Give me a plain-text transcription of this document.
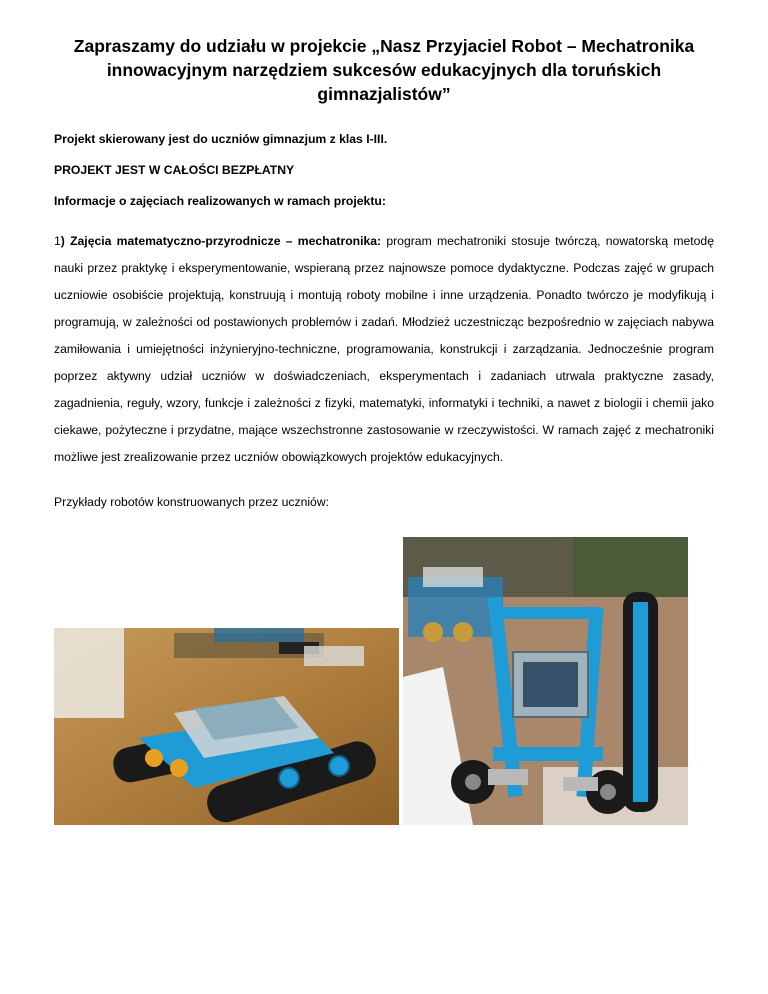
Zapraszamy do udziału w projekcie „Nasz Przyjaciel Robot – Mechatronika
innowacyjnym narzędziem sukcesów edukacyjnych dla toruńskich gimnazjalistów”
Projekt skierowany jest do uczniów gimnazjum z klas I-III.
PROJEKT JEST W CAŁOŚCI BEZPŁATNY
Informacje o zajęciach realizowanych w ramach projektu:
1) Zajęcia matematyczno-przyrodnicze – mechatronika: program mechatroniki stosuje twórczą, nowatorską metodę nauki przez praktykę i eksperymentowanie, wspieraną przez najnowsze pomoce dydaktyczne. Podczas zajęć w grupach uczniowie osobiście projektują, konstruują i montują roboty mobilne i inne urządzenia. Ponadto twórczo je modyfikują i programują, w zależności od postawionych problemów i zadań. Młodzież uczestnicząc bezpośrednio w zajęciach nabywa zamiłowania i umiejętności inżynieryjno-techniczne, programowania, konstrukcji i zarządzania. Jednocześnie program poprzez aktywny udział uczniów w doświadczeniach, eksperymentach i zadaniach utrwala praktyczne zasady, zagadnienia, reguły, wzory, funkcje i zależności z fizyki, matematyki, informatyki i techniki, a nawet z biologii i chemii jako ciekawe, pożyteczne i przydatne, mające wszechstronne zastosowanie w rzeczywistości. W ramach zajęć z mechatroniki możliwe jest zrealizowanie przez uczniów obowiązkowych projektów edukacyjnych.
Przykłady robotów konstruowanych przez uczniów:
